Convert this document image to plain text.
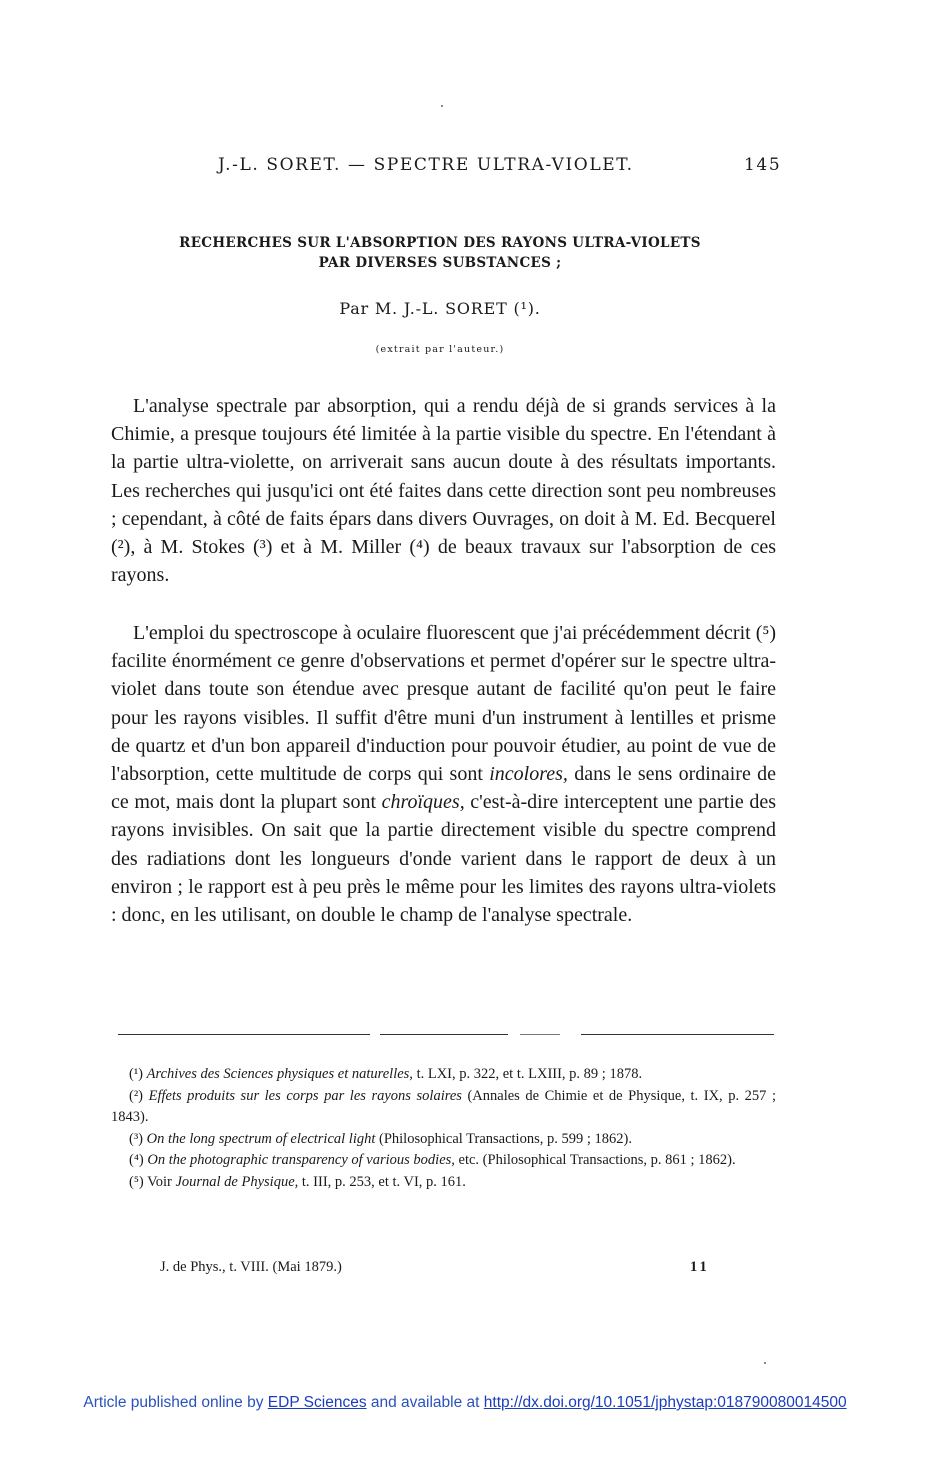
J.-L. SORET. — SPECTRE ULTRA-VIOLET.	145
RECHERCHES SUR L'ABSORPTION DES RAYONS ULTRA-VIOLETS
PAR DIVERSES SUBSTANCES ;
Par M. J.-L. SORET (¹).
(extrait par l'auteur.)
L'analyse spectrale par absorption, qui a rendu déjà de si grands services à la Chimie, a presque toujours été limitée à la partie visible du spectre. En l'étendant à la partie ultra-violette, on arriverait sans aucun doute à des résultats importants. Les recherches qui jusqu'ici ont été faites dans cette direction sont peu nombreuses ; cependant, à côté de faits épars dans divers Ouvrages, on doit à M. Ed. Becquerel (²), à M. Stokes (³) et à M. Miller (⁴) de beaux travaux sur l'absorption de ces rayons.
L'emploi du spectroscope à oculaire fluorescent que j'ai précédemment décrit (⁵) facilite énormément ce genre d'observations et permet d'opérer sur le spectre ultra-violet dans toute son étendue avec presque autant de facilité qu'on peut le faire pour les rayons visibles. Il suffit d'être muni d'un instrument à lentilles et prisme de quartz et d'un bon appareil d'induction pour pouvoir étudier, au point de vue de l'absorption, cette multitude de corps qui sont incolores, dans le sens ordinaire de ce mot, mais dont la plupart sont chroïques, c'est-à-dire interceptent une partie des rayons invisibles. On sait que la partie directement visible du spectre comprend des radiations dont les longueurs d'onde varient dans le rapport de deux à un environ ; le rapport est à peu près le même pour les limites des rayons ultra-violets : donc, en les utilisant, on double le champ de l'analyse spectrale.

(¹) Archives des Sciences physiques et naturelles, t. LXI, p. 322, et t. LXIII, p. 89 ; 1878.

(²) Effets produits sur les corps par les rayons solaires (Annales de Chimie et de Physique, t. IX, p. 257 ; 1843).

(³) On the long spectrum of electrical light (Philosophical Transactions, p. 599 ; 1862).

(⁴) On the photographic transparency of various bodies, etc. (Philosophical Transactions, p. 861 ; 1862).

(⁵) Voir Journal de Physique, t. III, p. 253, et t. VI, p. 161.

J. de Phys., t. VIII. (Mai 1879.)	11
Article published online by EDP Sciences and available at http://dx.doi.org/10.1051/jphystap:018790080014500
